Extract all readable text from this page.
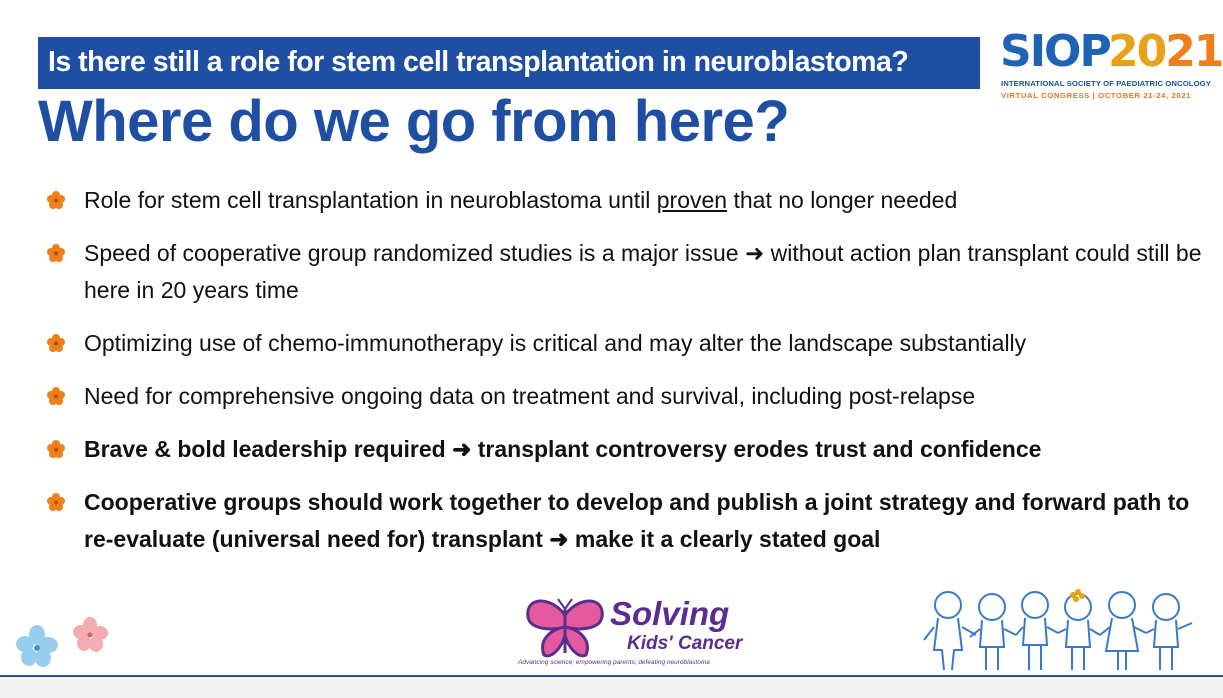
Is there still a role for stem cell transplantation in neuroblastoma?
Where do we go from here?
SIOP
2021
INTERNATIONAL SOCIETY OF PAEDIATRIC ONCOLOGY
VIRTUAL CONGRESS | OCTOBER 21-24, 2021
Role for stem cell transplantation in neuroblastoma until proven that no longer needed
Speed of cooperative group randomized studies is a major issue ➜ without action plan transplant could still be here in 20 years time
Optimizing use of chemo-immunotherapy is critical and may alter the landscape substantially
Need for comprehensive ongoing data on treatment and survival, including post-relapse
Brave & bold leadership required ➜ transplant controversy erodes trust and confidence
Cooperative groups should work together to develop and publish a joint strategy and forward path to re-evaluate (universal need for) transplant ➜ make it a clearly stated goal
Solving
Kids' Cancer
Advancing science; empowering parents; defeating neuroblastoma
